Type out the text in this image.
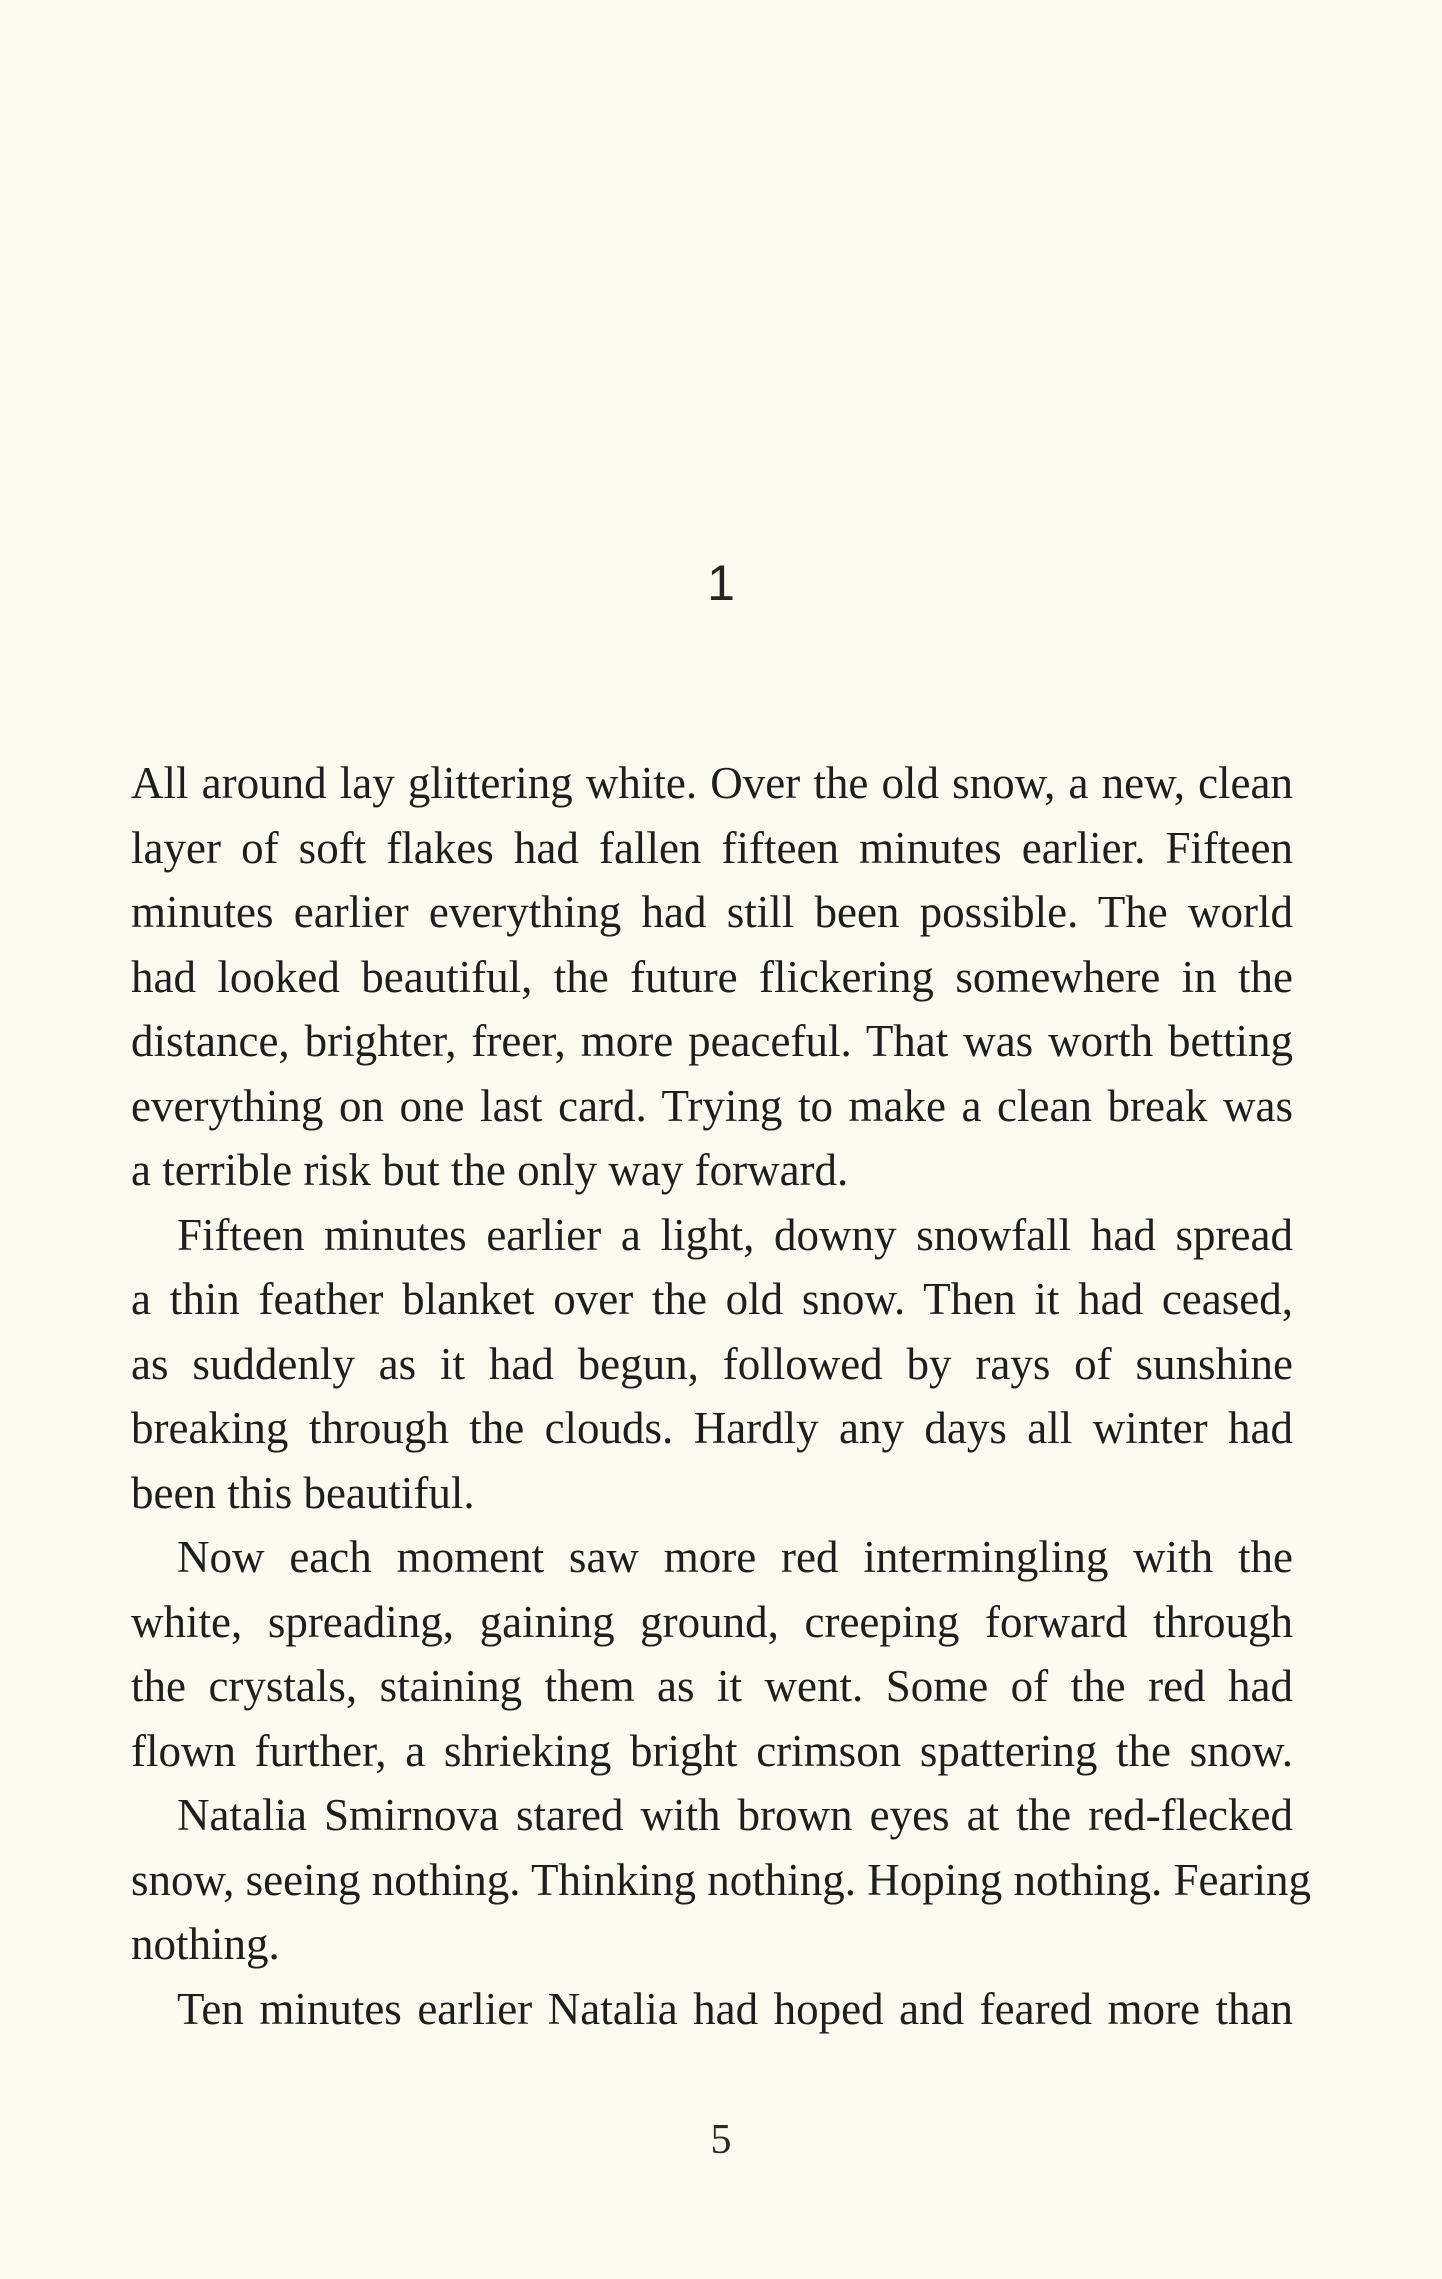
1

All around lay glittering white. Over the old snow, a new, clean
layer of soft flakes had fallen fifteen minutes earlier. Fifteen
minutes earlier everything had still been possible. The world
had looked beautiful, the future flickering somewhere in the
distance, brighter, freer, more peaceful. That was worth betting
everything on one last card. Trying to make a clean break was
a terrible risk but the only way forward.

Fifteen minutes earlier a light, downy snowfall had spread
a thin feather blanket over the old snow. Then it had ceased,
as suddenly as it had begun, followed by rays of sunshine
breaking through the clouds. Hardly any days all winter had
been this beautiful.

Now each moment saw more red intermingling with the
white, spreading, gaining ground, creeping forward through
the crystals, staining them as it went. Some of the red had
flown further, a shrieking bright crimson spattering the snow.

Natalia Smirnova stared with brown eyes at the red-flecked
snow, seeing nothing. Thinking nothing. Hoping nothing. Fearing
nothing.

Ten minutes earlier Natalia had hoped and feared more than

5
